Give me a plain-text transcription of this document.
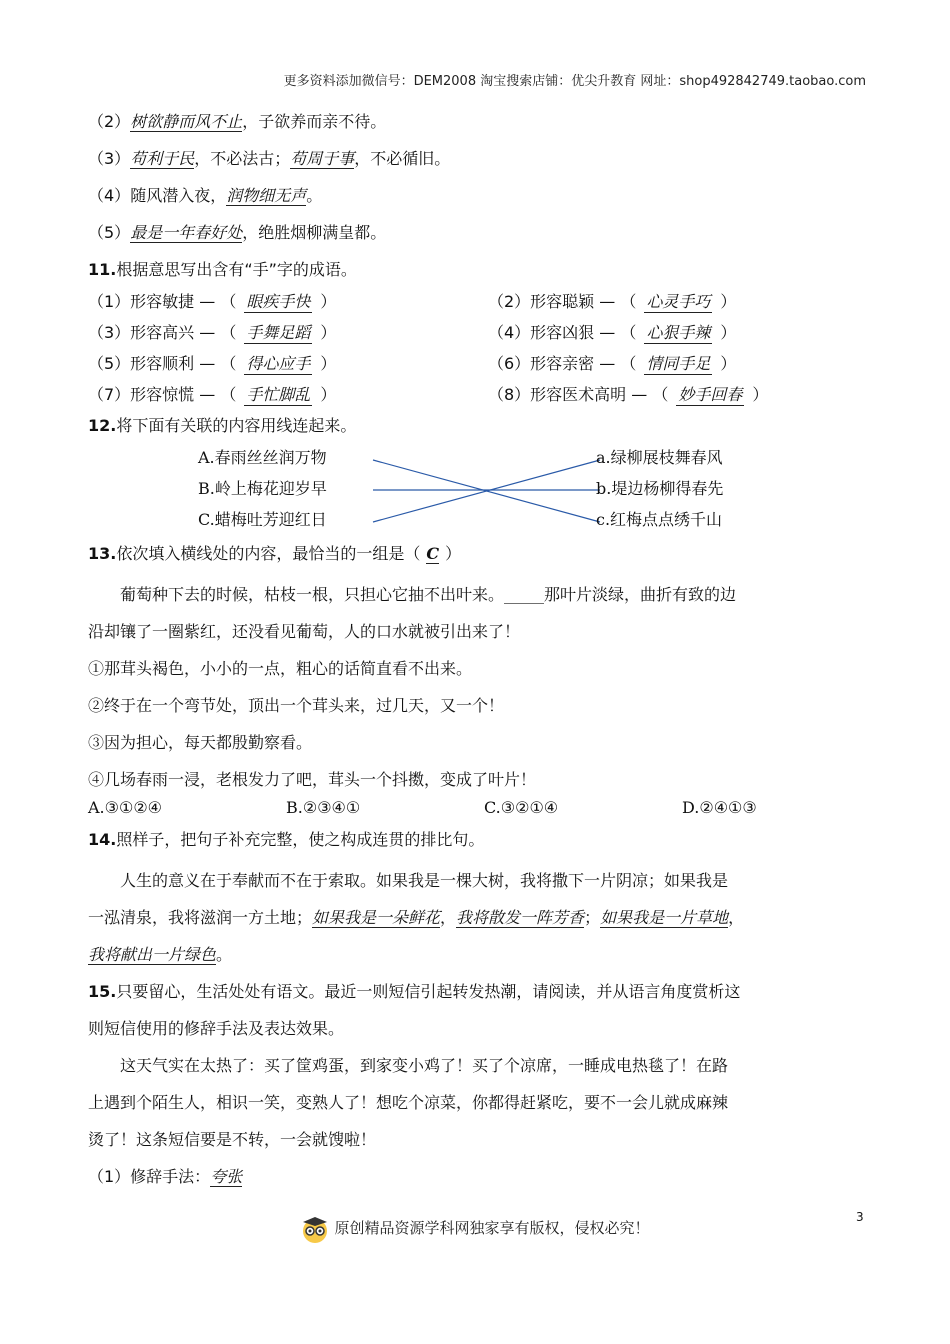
更多资料添加微信号：DEM2008 淘宝搜索店铺：优尖升教育 网址：shop492842749.taobao.com
（2）树欲静而风不止，子欲养而亲不待。
（3）苟利于民，不必法古；苟周于事，不必循旧。
（4）随风潜入夜，润物细无声。
（5）最是一年春好处，绝胜烟柳满皇都。
11.根据意思写出含有“手”字的成语。
（1）形容敏捷 — （ 眼疾手快 ）	（2）形容聪颖 — （ 心灵手巧 ）
（3）形容高兴 — （ 手舞足蹈 ）	（4）形容凶狠 — （ 心狠手辣 ）
（5）形容顺利 — （ 得心应手 ）	（6）形容亲密 — （ 情同手足 ）
（7）形容惊慌 — （ 手忙脚乱 ）	（8）形容医术高明 — （ 妙手回春 ）
12.将下面有关联的内容用线连起来。
A.春雨丝丝润万物	a.绿柳展枝舞春风
B.岭上梅花迎岁早	b.堤边杨柳得春先
C.蜡梅吐芳迎红日	c.红梅点点绣千山
13.依次填入横线处的内容，最恰当的一组是（ C ）
葡萄种下去的时候，枯枝一根，只担心它抽不出叶来。_____那叶片淡绿，曲折有致的边
沿却镶了一圈紫红，还没看见葡萄，人的口水就被引出来了！
①那茸头褐色，小小的一点，粗心的话简直看不出来。
②终于在一个弯节处，顶出一个茸头来，过几天，又一个！
③因为担心，每天都殷勤察看。
④几场春雨一浸，老根发力了吧，茸头一个抖擞，变成了叶片！
A.③①②④	B.②③④①	C.③②①④	D.②④①③
14.照样子，把句子补充完整，使之构成连贯的排比句。
人生的意义在于奉献而不在于索取。如果我是一棵大树，我将撒下一片阴凉；如果我是
一泓清泉，我将滋润一方土地；如果我是一朵鲜花，我将散发一阵芳香；如果我是一片草地，
我将献出一片绿色。
15.只要留心，生活处处有语文。最近一则短信引起转发热潮，请阅读，并从语言角度赏析这
则短信使用的修辞手法及表达效果。
这天气实在太热了：买了筐鸡蛋，到家变小鸡了！买了个凉席，一睡成电热毯了！在路
上遇到个陌生人，相识一笑，变熟人了！想吃个凉菜，你都得赶紧吃，要不一会儿就成麻辣
烫了！这条短信要是不转，一会就馊啦！
（1）修辞手法：夸张
原创精品资源学科网独家享有版权，侵权必究！
3
